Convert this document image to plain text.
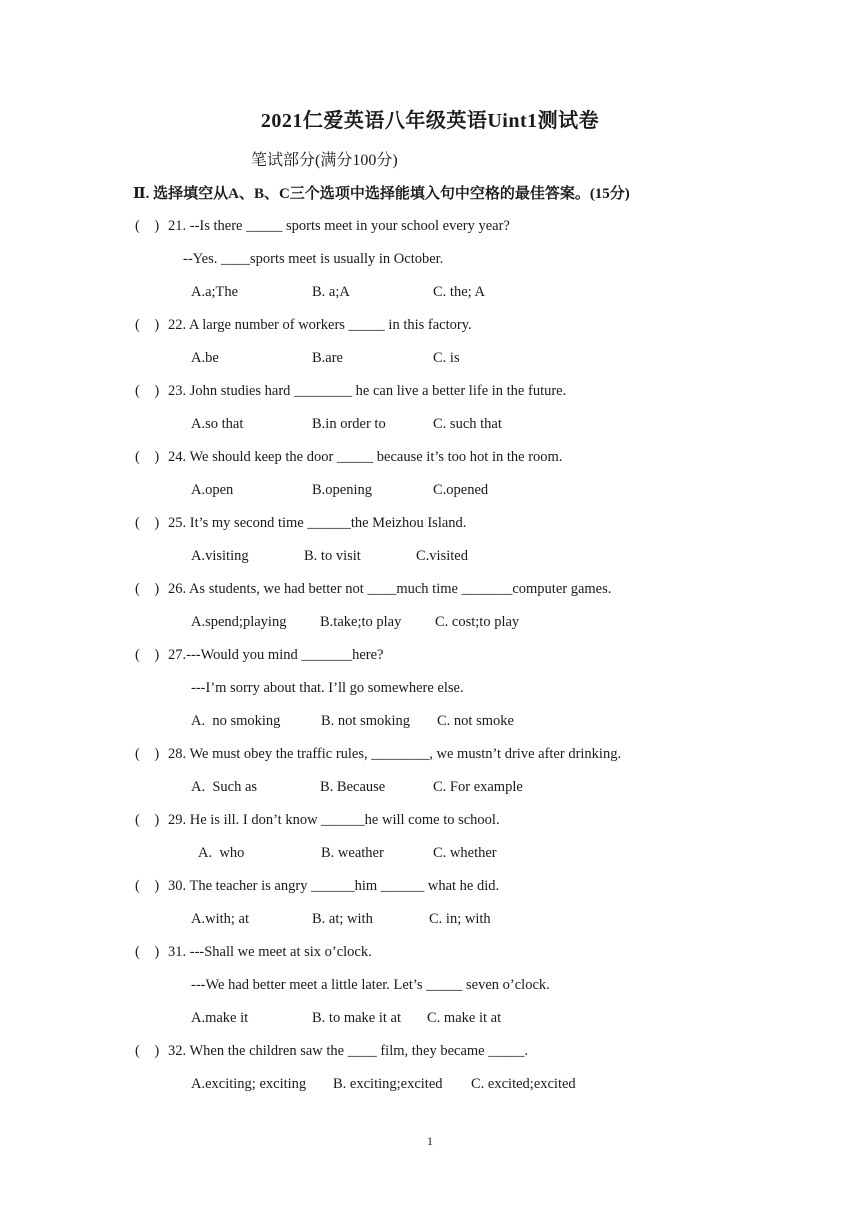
2021仁爱英语八年级英语Uint1测试卷
笔试部分(满分100分)
Ⅱ. 选择填空从A、B、C三个选项中选择能填入句中空格的最佳答案。(15分)
(    ) 21. --Is there _____ sports meet in your school every year?
--Yes. ____sports meet is usually in October.
A.a;The	B. a;A	C. the; A
(    ) 22. A large number of workers _____ in this factory.
A.be	B.are	C. is
(    ) 23. John studies hard ________ he can live a better life in the future.
A.so that	B.in order to	C. such that
(    ) 24. We should keep the door _____ because it’s too hot in the room.
A.open	B.opening	C.opened
(    ) 25. It’s my second time ______the Meizhou Island.
A.visiting	B. to visit	C.visited
(    ) 26. As students, we had better not ____much time _______computer games.
A.spend;playing B.take;to play C. cost;to play
(    ) 27.---Would you mind _______here?
---I’m sorry about that. I’ll go somewhere else.
A.  no smoking	B. not smoking C. not smoke
(    ) 28. We must obey the traffic rules, ________, we mustn’t drive after drinking.
A.  Such as	B. Because	C. For example
(    ) 29. He is ill. I don’t know ______he will come to school.
A.  who	B. weather	C. whether
(    ) 30. The teacher is angry ______him ______ what he did.
A.with; at	B. at; with	C. in; with
(    ) 31. ---Shall we meet at six o’clock.
---We had better meet a little later. Let’s _____ seven o’clock.
A.make it	B. to make it at C. make it at
(    ) 32. When the children saw the ____ film, they became _____.
A.exciting; exciting B. exciting;excited C. excited;excited
1
